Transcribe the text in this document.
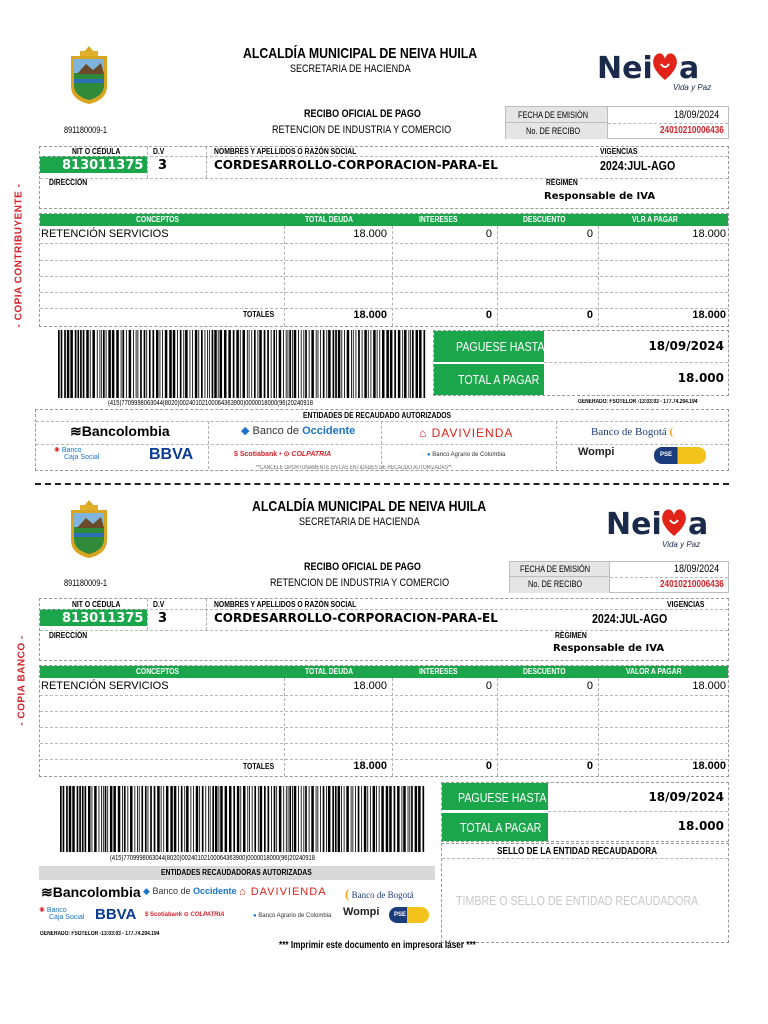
- COPIA CONTRIBUYENTE -
ALCALDÍA MUNICIPAL DE NEIVA HUILA
SECRETARIA DE HACIENDA	Nei a
Vida y Paz
RECIBO OFICIAL DE PAGO
RETENCION DE INDUSTRIA Y COMERCIO
891180009-1
FECHA DE EMISIÓN	18/09/2024
No. DE RECIBO	24010210006436
NIT O CÉDULA	D.V	NOMBRES Y APELLIDOS O RAZÓN SOCIAL	VIGENCIAS
813011375 3	CORDESARROLLO-CORPORACION-PARA-EL	2024:JUL-AGO
DIRECCIÓN	RÉGIMEN
Responsable de IVA
CONCEPTOS	TOTAL DEUDA	INTERESES	DESCUENTO	VLR A PAGAR
RETENCIÓN SERVICIOS	18.000	0	0	18.000
TOTALES	18.000	0	0	18.000
(415)7709998063044(8020)00240102100064363900)0000018000(96)20240918
PAGUESE HASTA	18/09/2024
TOTAL A PAGAR	18.000
GENERADO: FSOTELOR -13:03:03 - 177.74.204.194
ENTIDADES DE RECAUDADO AUTORIZADOS
≋Bancolombia	◆ Banco de Occidente	⌂ DAVIVIENDA	Banco de Bogotá (
✺ Banco
Caja Social	BBVA	$ Scotiabank • ⊙ COLPATRIA	● Banco Agrario de Colombia	Wompi	PSE
**CANCELE OPORTUNAMENTE EN LAS ENTIDADES DE RECAUDO AUTORIZADAS**
- COPIA BANCO -
ALCALDÍA MUNICIPAL DE NEIVA HUILA
SECRETARIA DE HACIENDA	Nei a
Vida y Paz
RECIBO OFICIAL DE PAGO
RETENCION DE INDUSTRIA Y COMERCIO
891180009-1
FECHA DE EMISIÓN	18/09/2024
No. DE RECIBO	24010210006436
NIT O CÉDULA	D.V	NOMBRES Y APELLIDOS O RAZÓN SOCIAL	VIGENCIAS
813011375 3	CORDESARROLLO-CORPORACION-PARA-EL	2024:JUL-AGO
DIRECCIÓN	RÉGIMEN
Responsable de IVA
CONCEPTOS	TOTAL DEUDA	INTERESES	DESCUENTO	VALOR A PAGAR
RETENCIÓN SERVICIOS	18.000	0	0	18.000
TOTALES	18.000	0	0	18.000
(415)7709998063044(8020)00240102100064363900)0000018000(96)20240918
PAGUESE HASTA	18/09/2024
TOTAL A PAGAR	18.000
SELLO DE LA ENTIDAD RECAUDADORA
TIMBRE O SELLO DE ENTIDAD RECAUDADORA
ENTIDADES RECAUDADORAS AUTORIZADAS
≋Bancolombia ◆ Banco de Occidente ⌂ DAVIVIENDA ( Banco de Bogotá
✺ Banco
Caja Social BBVA $ Scotiabank ⊙ COLPATRIA	● Banco Agrario de Colombia Wompi	PSE
GENERADO: FSOTELOR -13:03:03 - 177.74.204.194
*** Imprimir este documento en impresora láser ***
